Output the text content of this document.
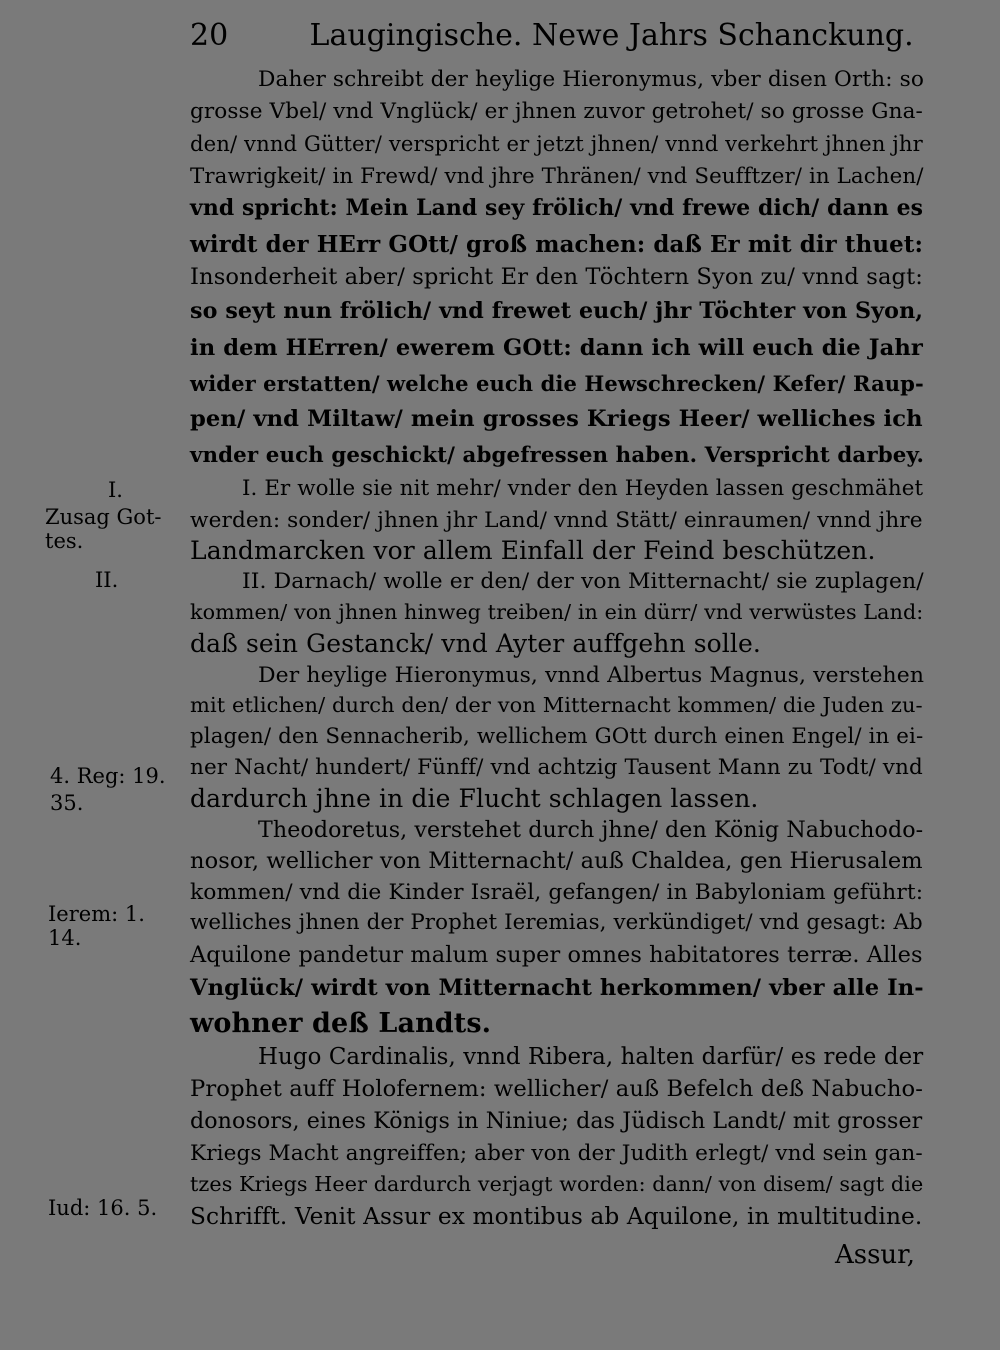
20	Laugingische. Newe Jahrs Schanckung.
Daher schreibt der heylige Hieronymus, vber disen Orth: so
grosse Vbel/ vnd Vnglück/ er jhnen zuvor getrohet/ so grosse Gna-
den/ vnnd Gütter/ verspricht er jetzt jhnen/ vnnd verkehrt jhnen jhr
Trawrigkeit/ in Frewd/ vnd jhre Thränen/ vnd Seufftzer/ in Lachen/
vnd spricht: Mein Land sey frölich/ vnd frewe dich/ dann es
wirdt der HErr GOtt/ groß machen: daß Er mit dir thuet:
Insonderheit aber/ spricht Er den Töchtern Syon zu/ vnnd sagt:
so seyt nun frölich/ vnd frewet euch/ jhr Töchter von Syon,
in dem HErren/ ewerem GOtt: dann ich will euch die Jahr
wider erstatten/ welche euch die Hewschrecken/ Kefer/ Raup-
pen/ vnd Miltaw/ mein grosses Kriegs Heer/ welliches ich
vnder euch geschickt/ abgefressen haben. Verspricht darbey.
I. Er wolle sie nit mehr/ vnder den Heyden lassen geschmähet
werden: sonder/ jhnen jhr Land/ vnnd Stätt/ einraumen/ vnnd jhre
Landmarcken vor allem Einfall der Feind beschützen.
II. Darnach/ wolle er den/ der von Mitternacht/ sie zuplagen/
kommen/ von jhnen hinweg treiben/ in ein dürr/ vnd verwüstes Land:
daß sein Gestanck/ vnd Ayter auffgehn solle.
Der heylige Hieronymus, vnnd Albertus Magnus, verstehen
mit etlichen/ durch den/ der von Mitternacht kommen/ die Juden zu-
plagen/ den Sennacherib, wellichem GOtt durch einen Engel/ in ei-
ner Nacht/ hundert/ Fünff/ vnd achtzig Tausent Mann zu Todt/ vnd
dardurch jhne in die Flucht schlagen lassen.
Theodoretus, verstehet durch jhne/ den König Nabuchodo-
nosor, wellicher von Mitternacht/ auß Chaldea, gen Hierusalem
kommen/ vnd die Kinder Israël, gefangen/ in Babyloniam geführt:
welliches jhnen der Prophet Ieremias, verkündiget/ vnd gesagt: Ab
Aquilone pandetur malum super omnes habitatores terræ. Alles
Vnglück/ wirdt von Mitternacht herkommen/ vber alle In-
wohner deß Landts.
Hugo Cardinalis, vnnd Ribera, halten darfür/ es rede der
Prophet auff Holofernem: wellicher/ auß Befelch deß Nabucho-
donosors, eines Königs in Niniue; das Jüdisch Landt/ mit grosser
Kriegs Macht angreiffen; aber von der Judith erlegt/ vnd sein gan-
tzes Kriegs Heer dardurch verjagt worden: dann/ von disem/ sagt die
Schrifft. Venit Assur ex montibus ab Aquilone, in multitudine.
I.
Zusag Got-
tes.
II.
4. Reg: 19.
35.
Ierem: 1. 14.
Iud: 16. 5.
Assur,
